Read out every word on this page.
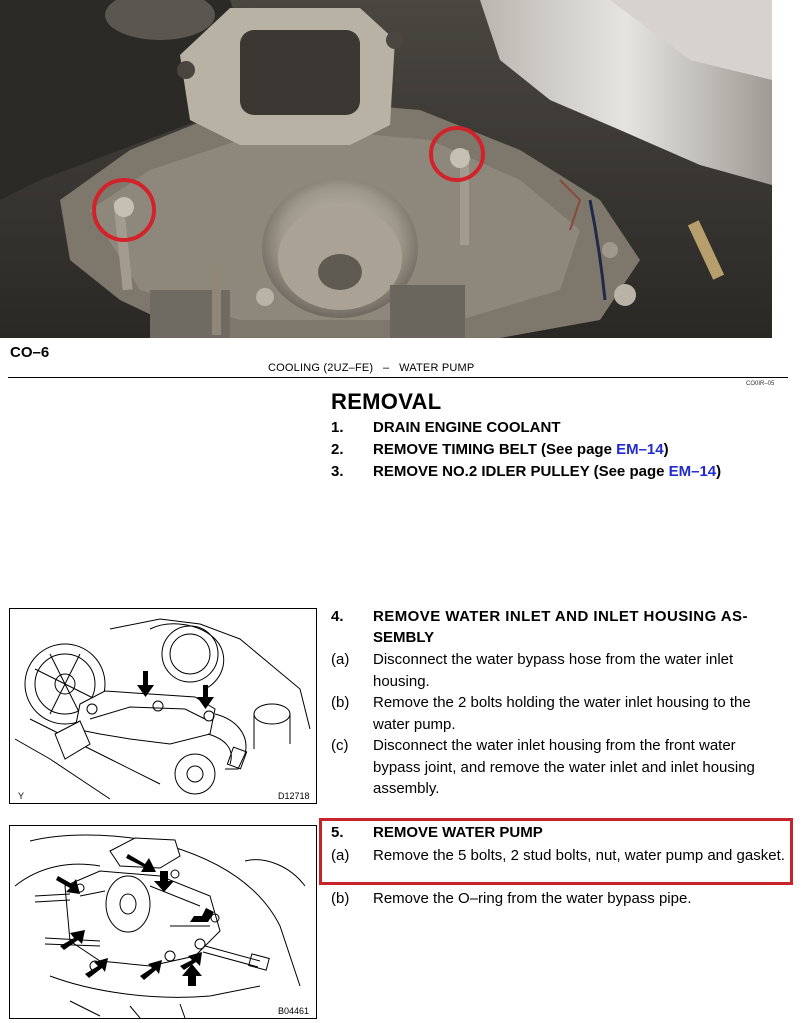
CO–6
COOLING (2UZ–FE)   –   WATER PUMP
CO0IR–05
REMOVAL
1. DRAIN ENGINE COOLANT
2. REMOVE TIMING BELT (See page EM–14)
3. REMOVE NO.2 IDLER PULLEY (See page EM–14)
4. REMOVE WATER INLET AND INLET HOUSING AS‑
SEMBLY
(a) Disconnect the water bypass hose from the water inlet housing.
(b) Remove the 2 bolts holding the water inlet housing to the water pump.
(c) Disconnect the water inlet housing from the front water bypass joint, and remove the water inlet and inlet housing assembly.
5. REMOVE WATER PUMP
(a) Remove the 5 bolts, 2 stud bolts, nut, water pump and gasket.
(b) Remove the O–ring from the water bypass pipe.
Y	D12718
B04461
